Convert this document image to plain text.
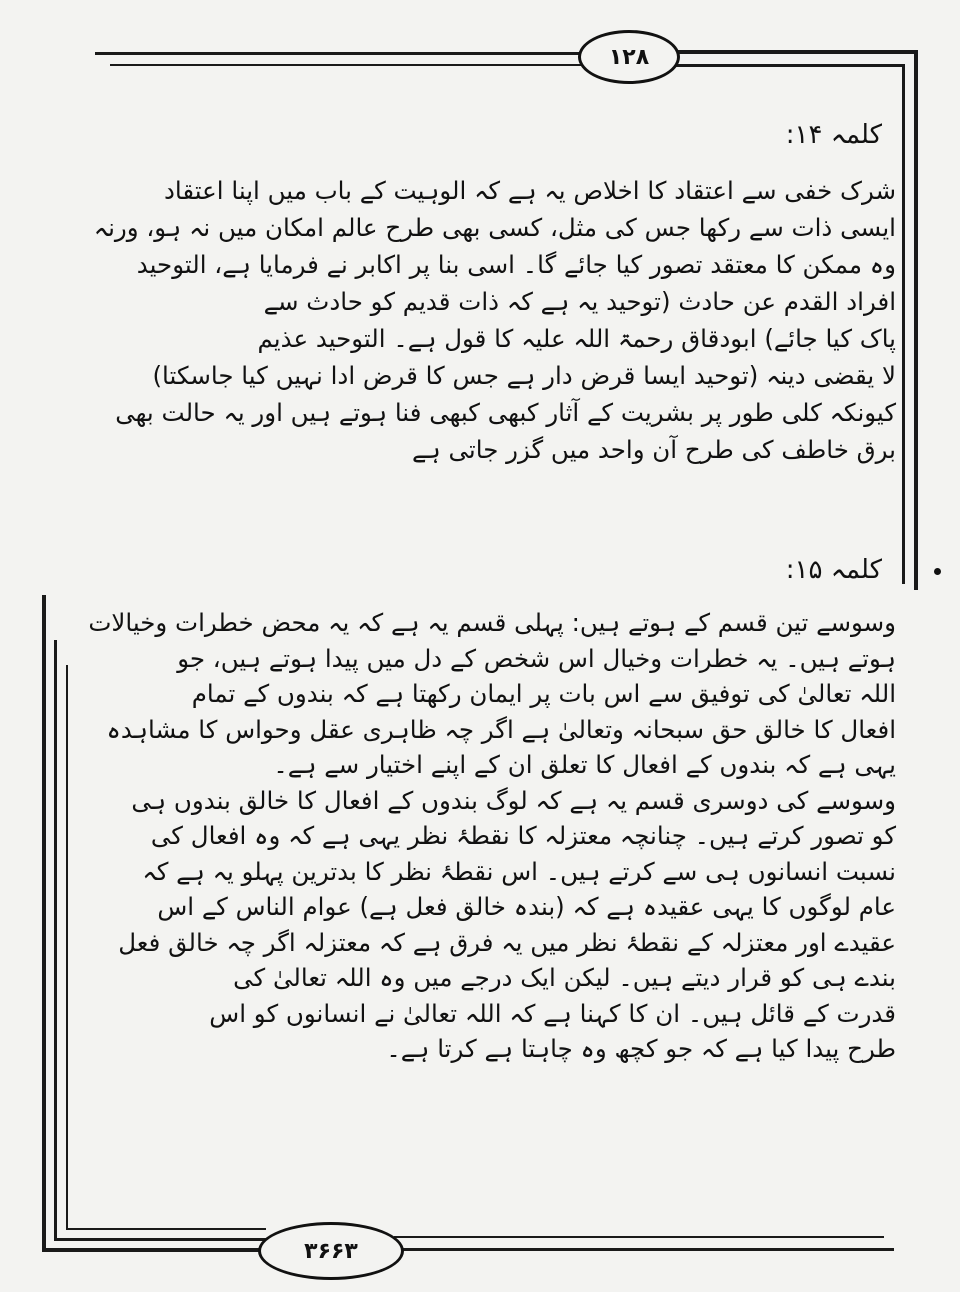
۱۲۸
۳۶۶۳
کلمہ ۱۴:
شرک خفی سے اعتقاد کا اخلاص یہ ہے کہ الوہیت کے باب میں اپنا اعتقاد
ایسی ذات سے رکھا جس کی مثل، کسی بھی طرح عالم امکان میں نہ ہو، ورنہ
وہ ممکن کا معتقد تصور کیا جائے گا۔ اسی بنا پر اکابر نے فرمایا ہے، التوحید
افراد القدم عن حادث (توحید یہ ہے کہ ذات قدیم کو حادث سے
پاک کیا جائے) ابودقاق رحمۃ اللہ علیہ کا قول ہے۔ التوحید عذیم
لا یقضی دینہ (توحید ایسا قرض دار ہے جس کا قرض ادا نہیں کیا جاسکتا)
کیونکہ کلی طور پر بشریت کے آثار کبھی کبھی فنا ہوتے ہیں اور یہ حالت بھی
برق خاطف کی طرح آن واحد میں گزر جاتی ہے
کلمہ ۱۵:
وسوسے تین قسم کے ہوتے ہیں: پہلی قسم یہ ہے کہ یہ محض خطرات وخیالات
ہوتے ہیں۔ یہ خطرات وخیال اس شخص کے دل میں پیدا ہوتے ہیں، جو
اللہ تعالیٰ کی توفیق سے اس بات پر ایمان رکھتا ہے کہ بندوں کے تمام
افعال کا خالق حق سبحانہ وتعالیٰ ہے اگر چہ ظاہری عقل وحواس کا مشاہدہ
یہی ہے کہ بندوں کے افعال کا تعلق ان کے اپنے اختیار سے ہے۔
وسوسے کی دوسری قسم یہ ہے کہ لوگ بندوں کے افعال کا خالق بندوں ہی
کو تصور کرتے ہیں۔ چنانچہ معتزلہ کا نقطۂ نظر یہی ہے کہ وہ افعال کی
نسبت انسانوں ہی سے کرتے ہیں۔ اس نقطۂ نظر کا بدترین پہلو یہ ہے کہ
عام لوگوں کا یہی عقیدہ ہے کہ (بندہ خالق فعل ہے) عوام الناس کے اس
عقیدے اور معتزلہ کے نقطۂ نظر میں یہ فرق ہے کہ معتزلہ اگر چہ خالق فعل
بندے ہی کو قرار دیتے ہیں۔ لیکن ایک درجے میں وہ اللہ تعالیٰ کی
قدرت کے قائل ہیں۔ ان کا کہنا ہے کہ اللہ تعالیٰ نے انسانوں کو اس
طرح پیدا کیا ہے کہ جو کچھ وہ چاہتا ہے کرتا ہے۔
